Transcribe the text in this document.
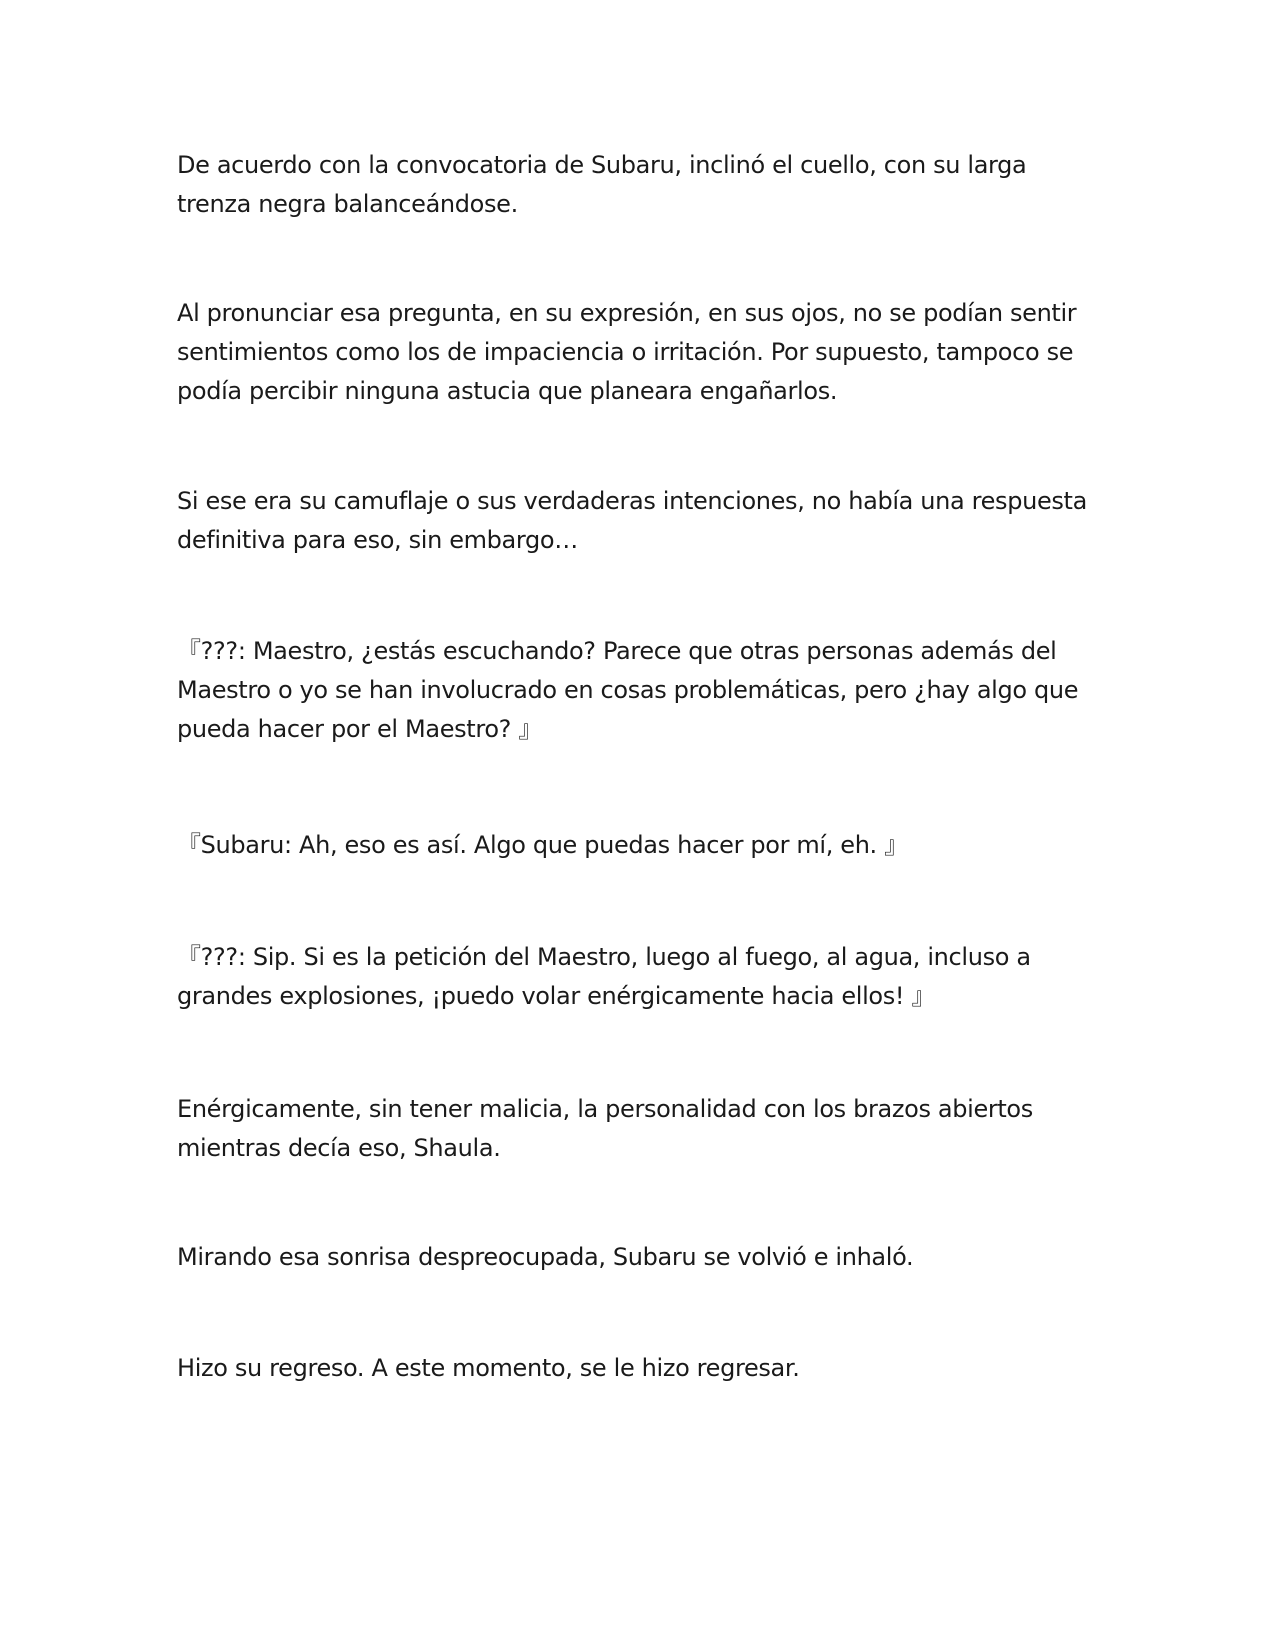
De acuerdo con la convocatoria de Subaru, inclinó el cuello, con su larga trenza negra balanceándose.

Al pronunciar esa pregunta, en su expresión, en sus ojos, no se podían sentir sentimientos como los de impaciencia o irritación. Por supuesto, tampoco se podía percibir ninguna astucia que planeara engañarlos.

Si ese era su camuflaje o sus verdaderas intenciones, no había una respuesta definitiva para eso, sin embargo…

『???: Maestro, ¿estás escuchando? Parece que otras personas además del Maestro o yo se han involucrado en cosas problemáticas, pero ¿hay algo que pueda hacer por el Maestro? 』

『Subaru: Ah, eso es así. Algo que puedas hacer por mí, eh. 』

『???: Sip. Si es la petición del Maestro, luego al fuego, al agua, incluso a grandes explosiones, ¡puedo volar enérgicamente hacia ellos! 』

Enérgicamente, sin tener malicia, la personalidad con los brazos abiertos mientras decía eso, Shaula.

Mirando esa sonrisa despreocupada, Subaru se volvió e inhaló.

Hizo su regreso. A este momento, se le hizo regresar.
